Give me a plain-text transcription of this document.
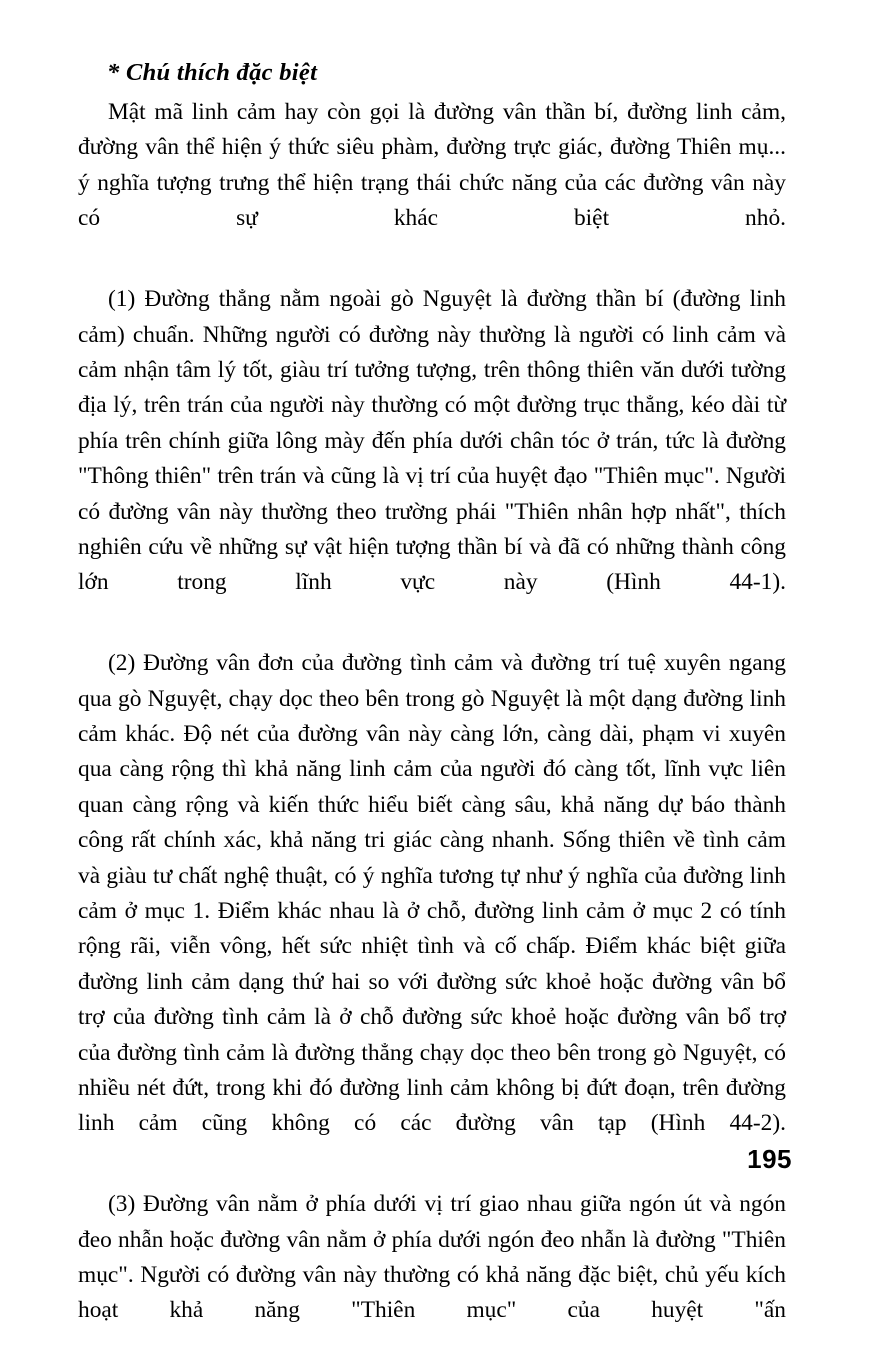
* Chú thích đặc biệt

Mật mã linh cảm hay còn gọi là đường vân thần bí, đường linh cảm, đường vân thể hiện ý thức siêu phàm, đường trực giác, đường Thiên mụ... ý nghĩa tượng trưng thể hiện trạng thái chức năng của các đường vân này có sự khác biệt nhỏ.

(1) Đường thẳng nằm ngoài gò Nguyệt là đường thần bí (đường linh cảm) chuẩn. Những người có đường này thường là người có linh cảm và cảm nhận tâm lý tốt, giàu trí tưởng tượng, trên thông thiên văn dưới tường địa lý, trên trán của người này thường có một đường trục thẳng, kéo dài từ phía trên chính giữa lông mày đến phía dưới chân tóc ở trán, tức là đường "Thông thiên" trên trán và cũng là vị trí của huyệt đạo "Thiên mục". Người có đường vân này thường theo trường phái "Thiên nhân hợp nhất", thích nghiên cứu về những sự vật hiện tượng thần bí và đã có những thành công lớn trong lĩnh vực này (Hình 44-1).

(2) Đường vân đơn của đường tình cảm và đường trí tuệ xuyên ngang qua gò Nguyệt, chạy dọc theo bên trong gò Nguyệt là một dạng đường linh cảm khác. Độ nét của đường vân này càng lớn, càng dài, phạm vi xuyên qua càng rộng thì khả năng linh cảm của người đó càng tốt, lĩnh vực liên quan càng rộng và kiến thức hiểu biết càng sâu, khả năng dự báo thành công rất chính xác, khả năng tri giác càng nhanh. Sống thiên về tình cảm và giàu tư chất nghệ thuật, có ý nghĩa tương tự như ý nghĩa của đường linh cảm ở mục 1. Điểm khác nhau là ở chỗ, đường linh cảm ở mục 2 có tính rộng rãi, viễn vông, hết sức nhiệt tình và cố chấp. Điểm khác biệt giữa đường linh cảm dạng thứ hai so với đường sức khoẻ hoặc đường vân bổ trợ của đường tình cảm là ở chỗ đường sức khoẻ hoặc đường vân bổ trợ của đường tình cảm là đường thẳng chạy dọc theo bên trong gò Nguyệt, có nhiều nét đứt, trong khi đó đường linh cảm không bị đứt đoạn, trên đường linh cảm cũng không có các đường vân tạp (Hình 44-2).

(3) Đường vân nằm ở phía dưới vị trí giao nhau giữa ngón út và ngón đeo nhẫn hoặc đường vân nằm ở phía dưới ngón đeo nhẫn là đường "Thiên mục". Người có đường vân này thường có khả năng đặc biệt, chủ yếu kích hoạt khả năng "Thiên mục" của huyệt "ấn

195
